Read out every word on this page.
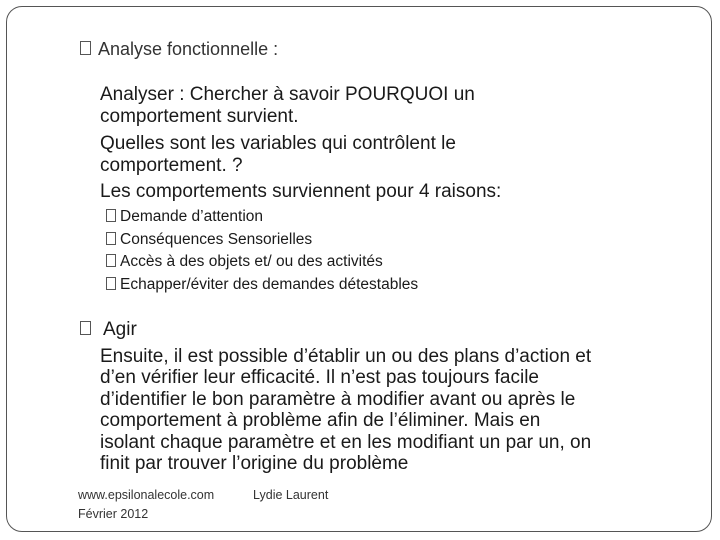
Analyse fonctionnelle :
Analyser : Chercher à savoir POURQUOI un
comportement survient.
Quelles sont les variables qui contrôlent le
comportement. ?
Les comportements surviennent pour 4 raisons:
Demande d’attention
Conséquences Sensorielles
Accès à des objets et/ ou des activités
Echapper/éviter des demandes détestables
Agir
Ensuite, il est possible d’établir un ou des plans d’action et
d’en vérifier leur efficacité. Il n’est pas toujours facile
d’identifier le bon paramètre à modifier avant ou après le
comportement à problème afin de l’éliminer. Mais en
isolant chaque paramètre et en les modifiant un par un, on
finit par trouver l’origine du problème
www.epsilonalecole.com
Février 2012
Lydie Laurent
